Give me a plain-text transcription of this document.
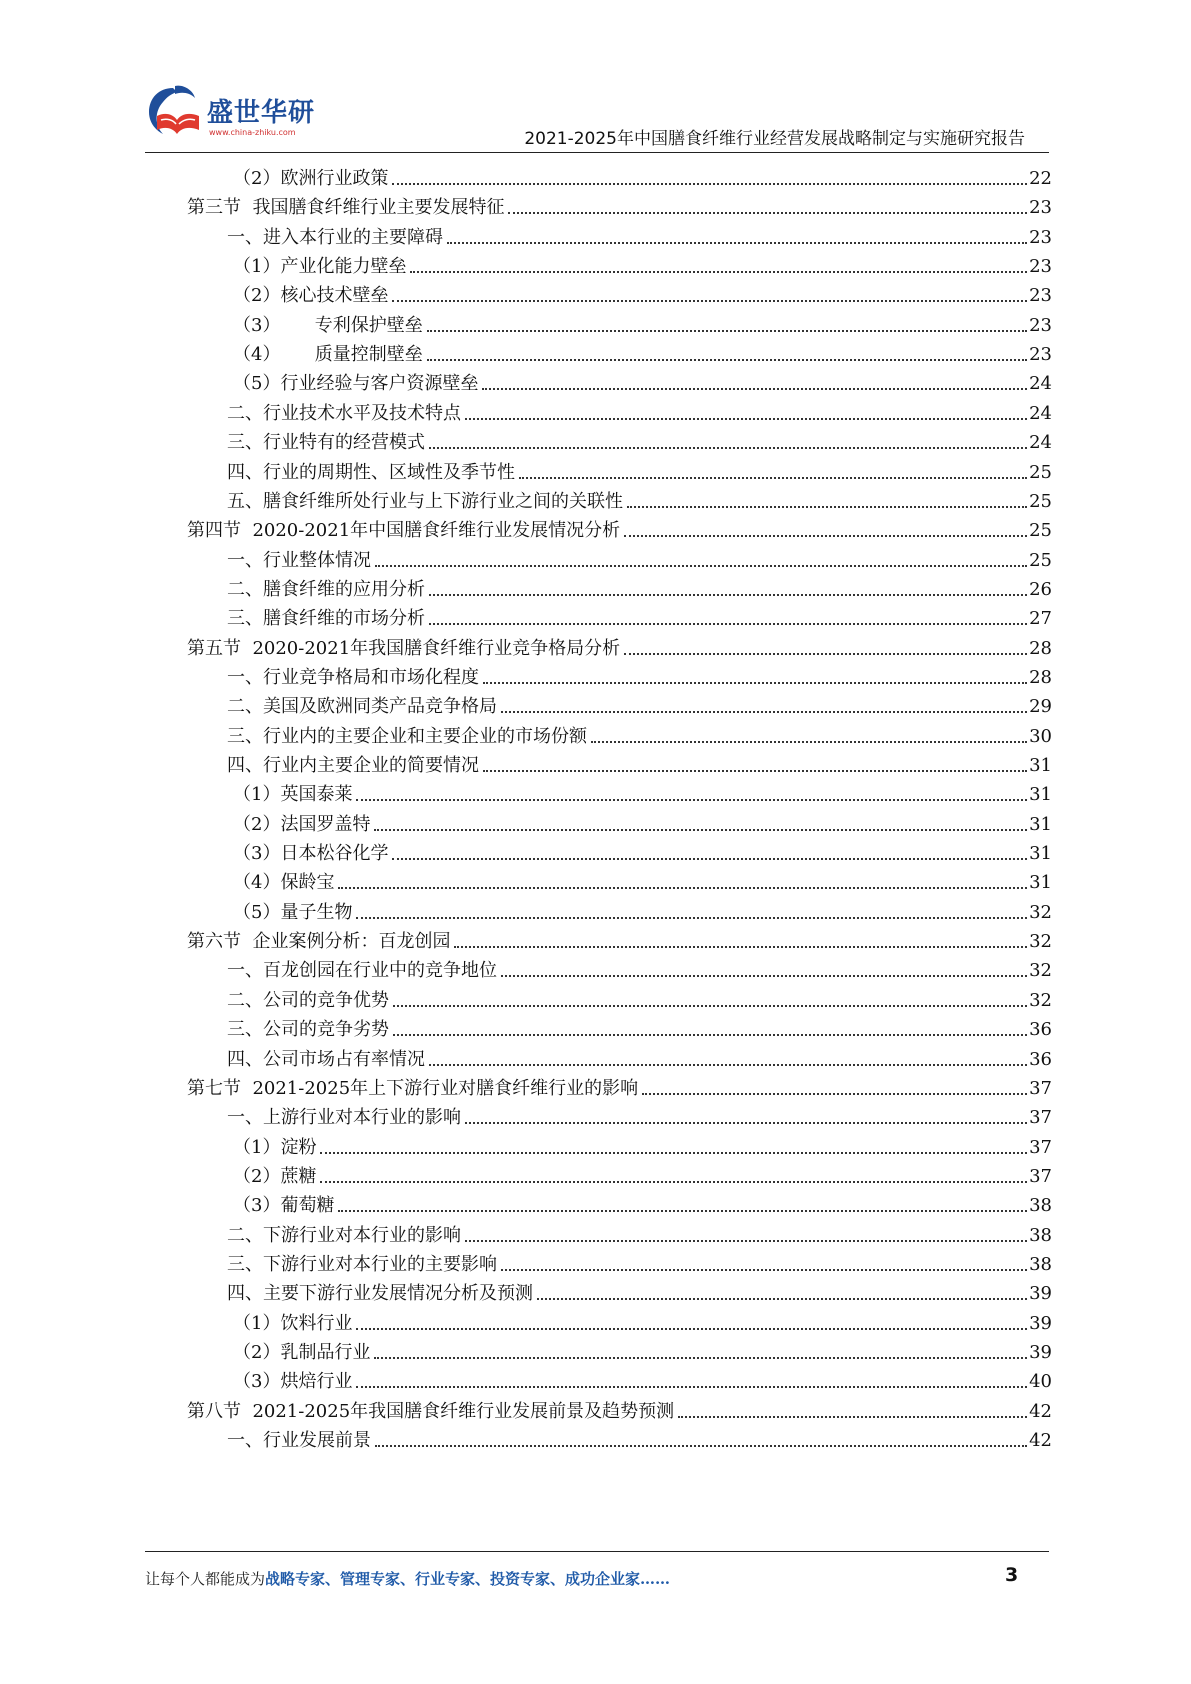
盛世华研
www.china-zhiku.com	2021-2025年中国膳食纤维行业经营发展战略制定与实施研究报告
（2）欧洲行业政策	22
第三节  我国膳食纤维行业主要发展特征	23
一、进入本行业的主要障碍	23
（1）产业化能力壁垒	23
（2）核心技术壁垒	23
（3）      专利保护壁垒	23
（4）      质量控制壁垒	23
（5）行业经验与客户资源壁垒	24
二、行业技术水平及技术特点	24
三、行业特有的经营模式	24
四、行业的周期性、区域性及季节性	25
五、膳食纤维所处行业与上下游行业之间的关联性	25
第四节  2020-2021年中国膳食纤维行业发展情况分析	25
一、行业整体情况	25
二、膳食纤维的应用分析	26
三、膳食纤维的市场分析	27
第五节  2020-2021年我国膳食纤维行业竞争格局分析	28
一、行业竞争格局和市场化程度	28
二、美国及欧洲同类产品竞争格局	29
三、行业内的主要企业和主要企业的市场份额	30
四、行业内主要企业的简要情况	31
（1）英国泰莱	31
（2）法国罗盖特	31
（3）日本松谷化学	31
（4）保龄宝	31
（5）量子生物	32
第六节  企业案例分析：百龙创园	32
一、百龙创园在行业中的竞争地位	32
二、公司的竞争优势	32
三、公司的竞争劣势	36
四、公司市场占有率情况	36
第七节  2021-2025年上下游行业对膳食纤维行业的影响	37
一、上游行业对本行业的影响	37
（1）淀粉	37
（2）蔗糖	37
（3）葡萄糖	38
二、下游行业对本行业的影响	38
三、下游行业对本行业的主要影响	38
四、主要下游行业发展情况分析及预测	39
（1）饮料行业	39
（2）乳制品行业	39
（3）烘焙行业	40
第八节  2021-2025年我国膳食纤维行业发展前景及趋势预测	42
一、行业发展前景	42
让每个人都能成为战略专家、管理专家、行业专家、投资专家、成功企业家……	3
